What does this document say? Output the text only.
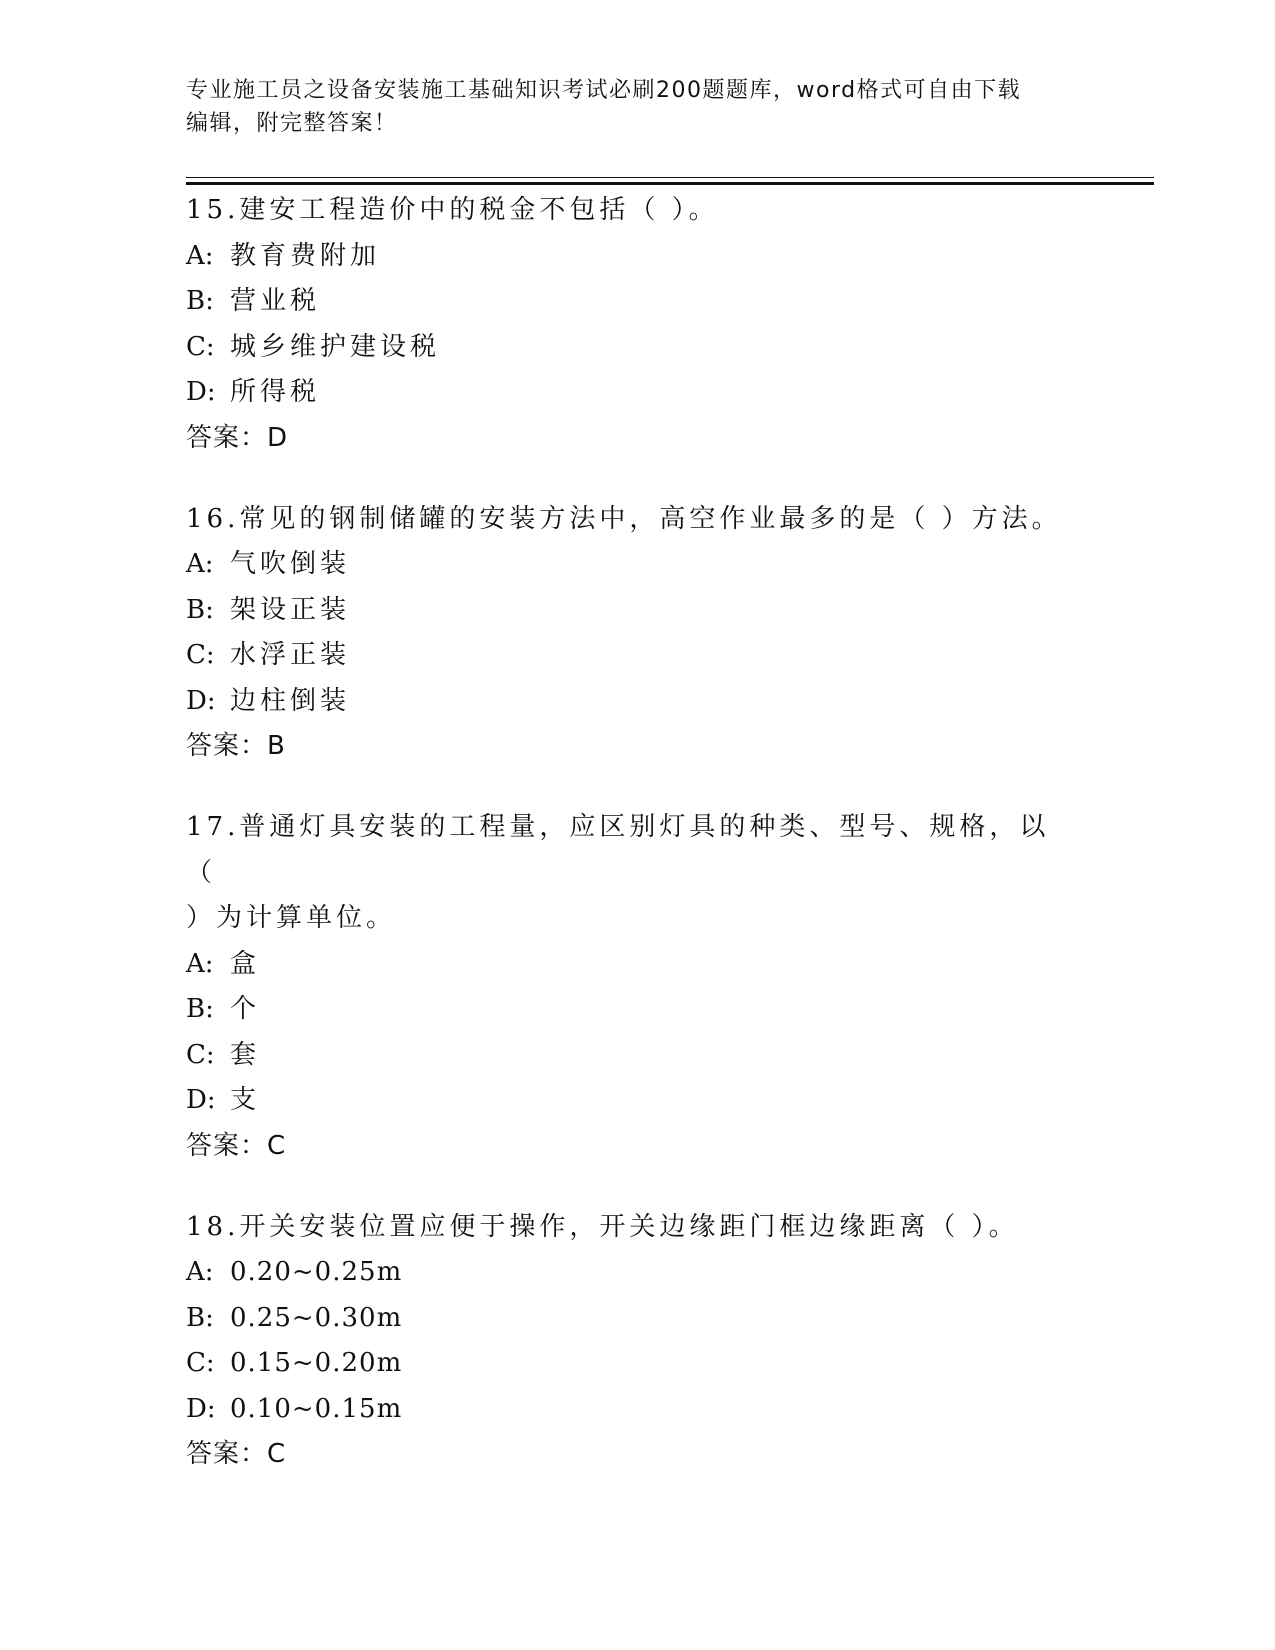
专业施工员之设备安装施工基础知识考试必刷200题题库，word格式可自由下载
编辑，附完整答案！

15.建安工程造价中的税金不包括（ ）。

A: 教育费附加

B: 营业税

C: 城乡维护建设税

D: 所得税

答案：D

16.常见的钢制储罐的安装方法中，高空作业最多的是（ ）方法。

A: 气吹倒装

B: 架设正装

C: 水浮正装

D: 边柱倒装

答案：B

17.普通灯具安装的工程量，应区别灯具的种类、型号、规格，以（

）为计算单位。

A: 盒

B: 个

C: 套

D: 支

答案：C

18.开关安装位置应便于操作，开关边缘距门框边缘距离（ ）。

A: 0.20~0.25m

B: 0.25~0.30m

C: 0.15~0.20m

D: 0.10~0.15m

答案：C
